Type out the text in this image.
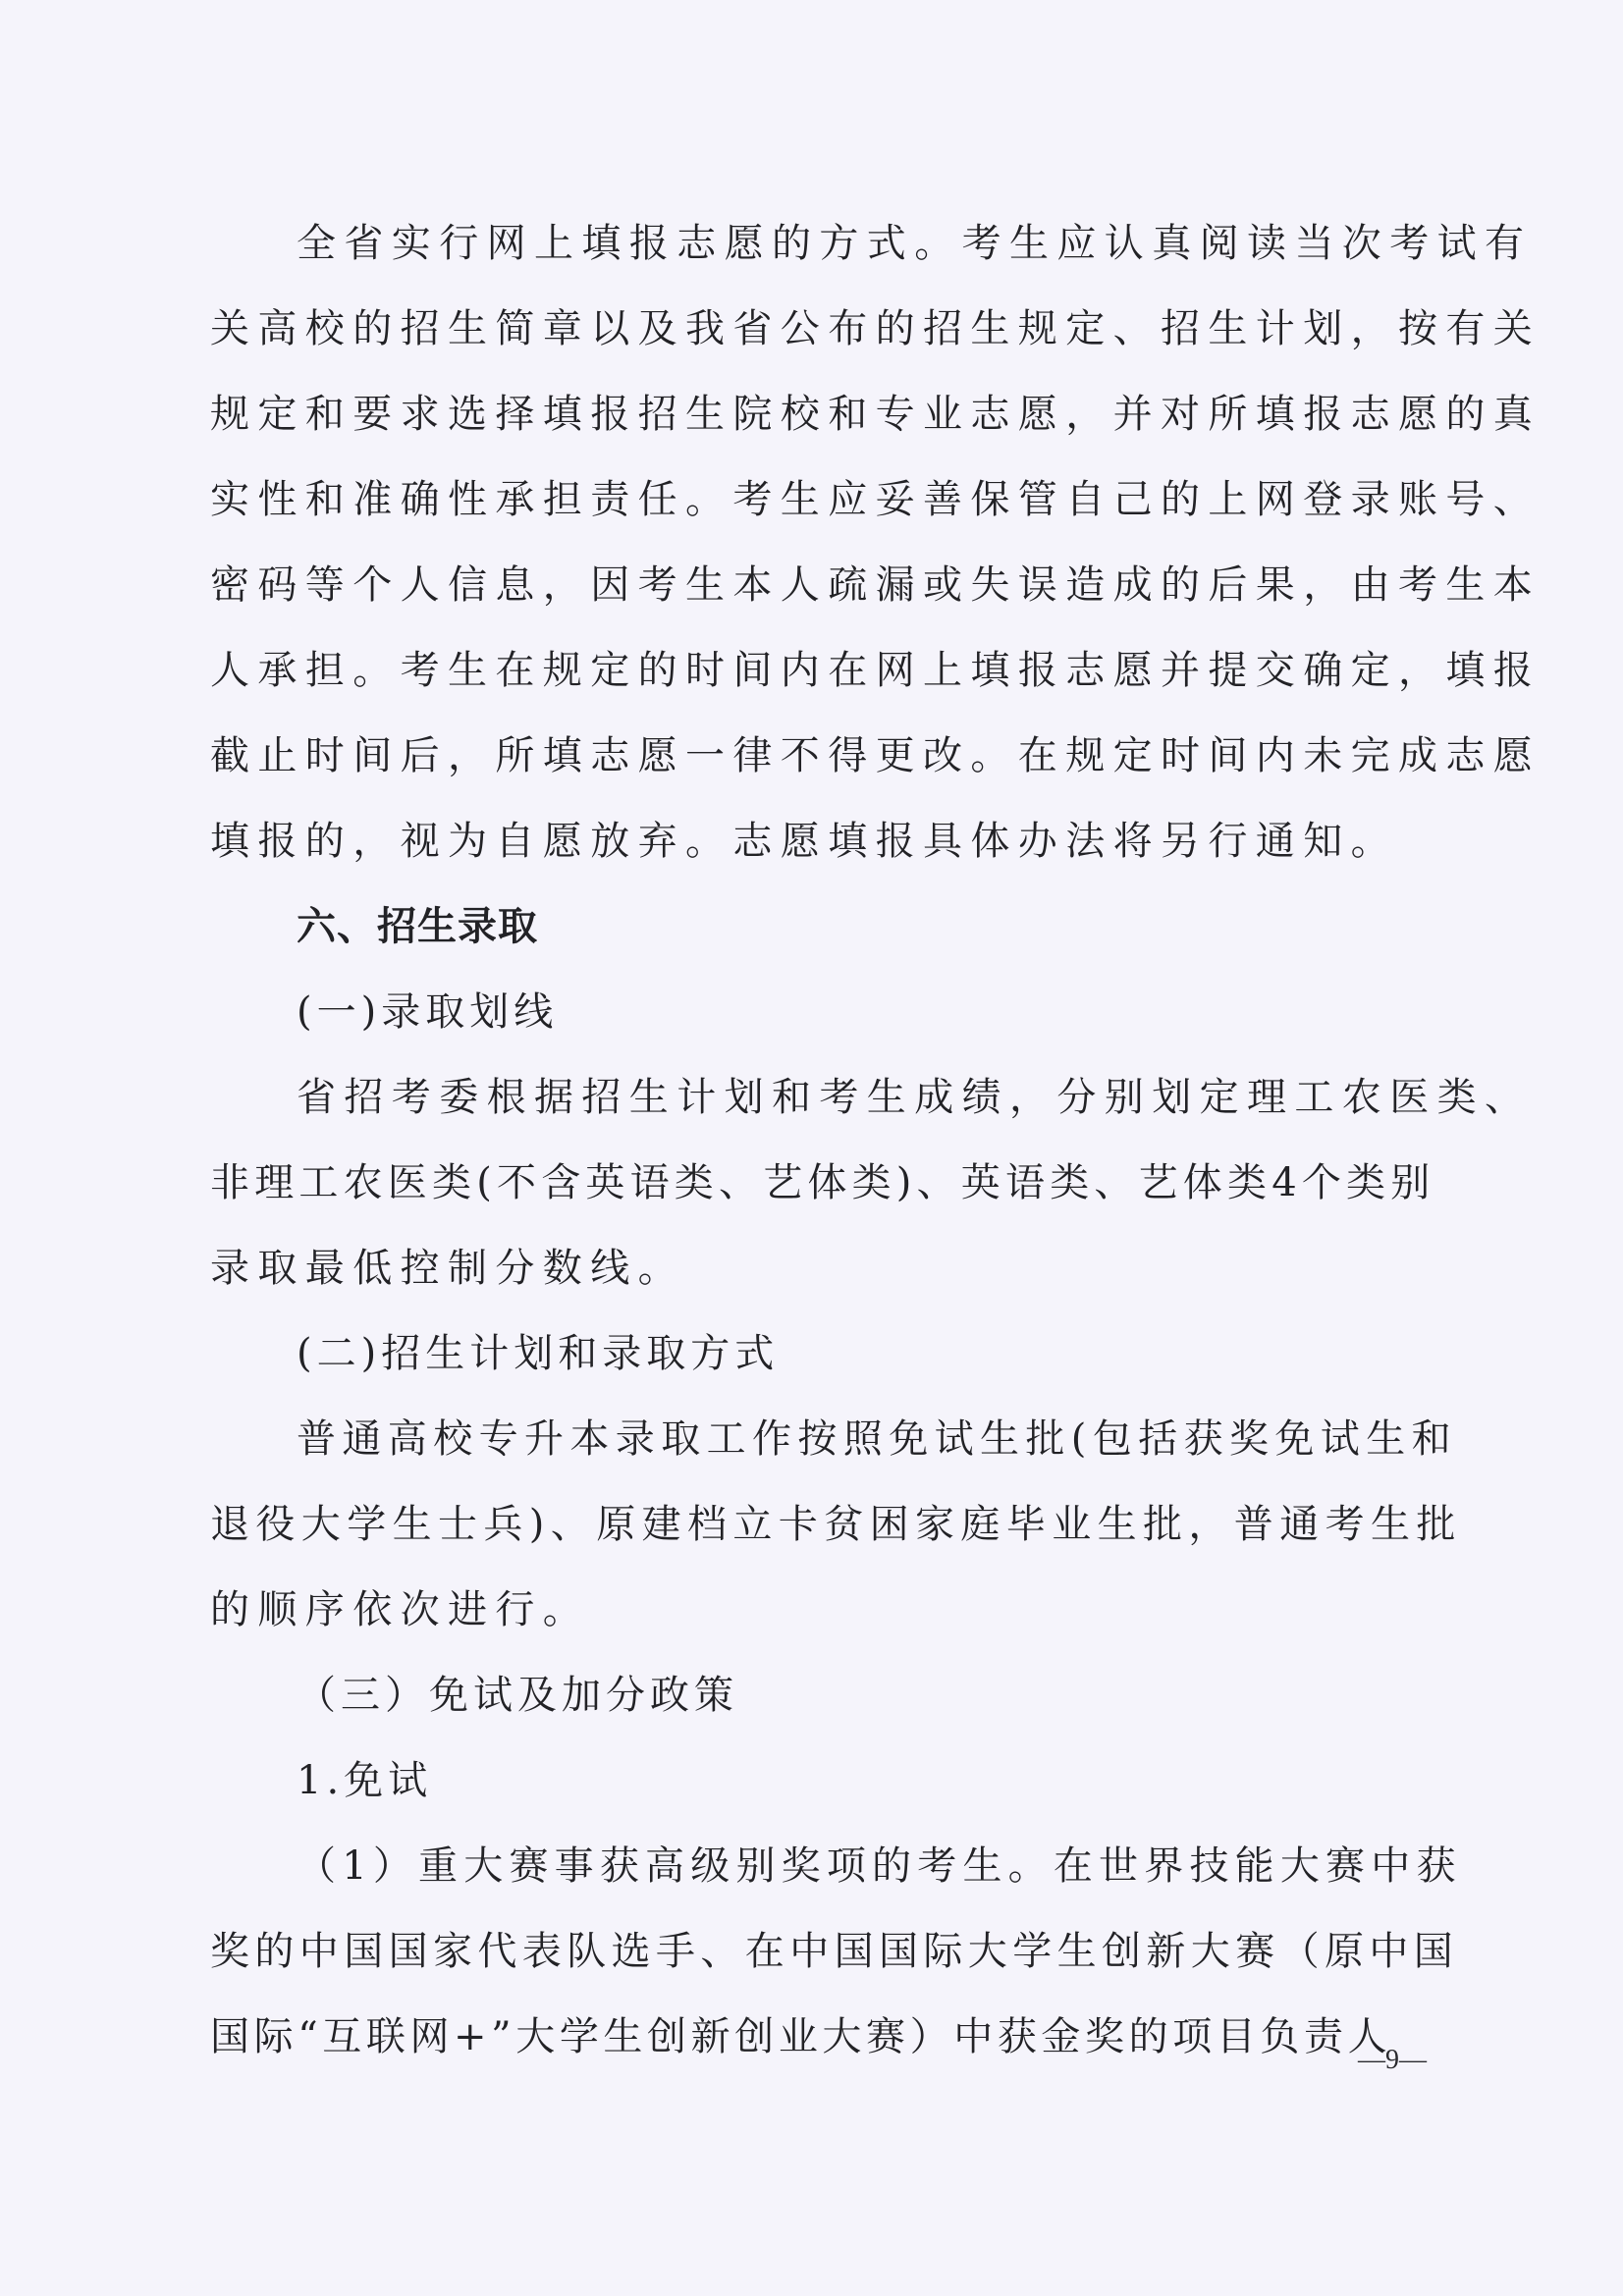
全省实行网上填报志愿的方式。考生应认真阅读当次考试有
关高校的招生简章以及我省公布的招生规定、招生计划，按有关
规定和要求选择填报招生院校和专业志愿，并对所填报志愿的真
实性和准确性承担责任。考生应妥善保管自己的上网登录账号、
密码等个人信息，因考生本人疏漏或失误造成的后果，由考生本
人承担。考生在规定的时间内在网上填报志愿并提交确定，填报
截止时间后，所填志愿一律不得更改。在规定时间内未完成志愿
填报的，视为自愿放弃。志愿填报具体办法将另行通知。
六、招生录取
(一)录取划线
省招考委根据招生计划和考生成绩，分别划定理工农医类、
非理工农医类(不含英语类、艺体类)、英语类、艺体类4个类别
录取最低控制分数线。
(二)招生计划和录取方式
普通高校专升本录取工作按照免试生批(包括获奖免试生和
退役大学生士兵)、原建档立卡贫困家庭毕业生批，普通考生批
的顺序依次进行。
（三）免试及加分政策
1.免试
（1）重大赛事获高级别奖项的考生。在世界技能大赛中获
奖的中国国家代表队选手、在中国国际大学生创新大赛（原中国
国际“互联网+”大学生创新创业大赛）中获金奖的项目负责人
—9—
